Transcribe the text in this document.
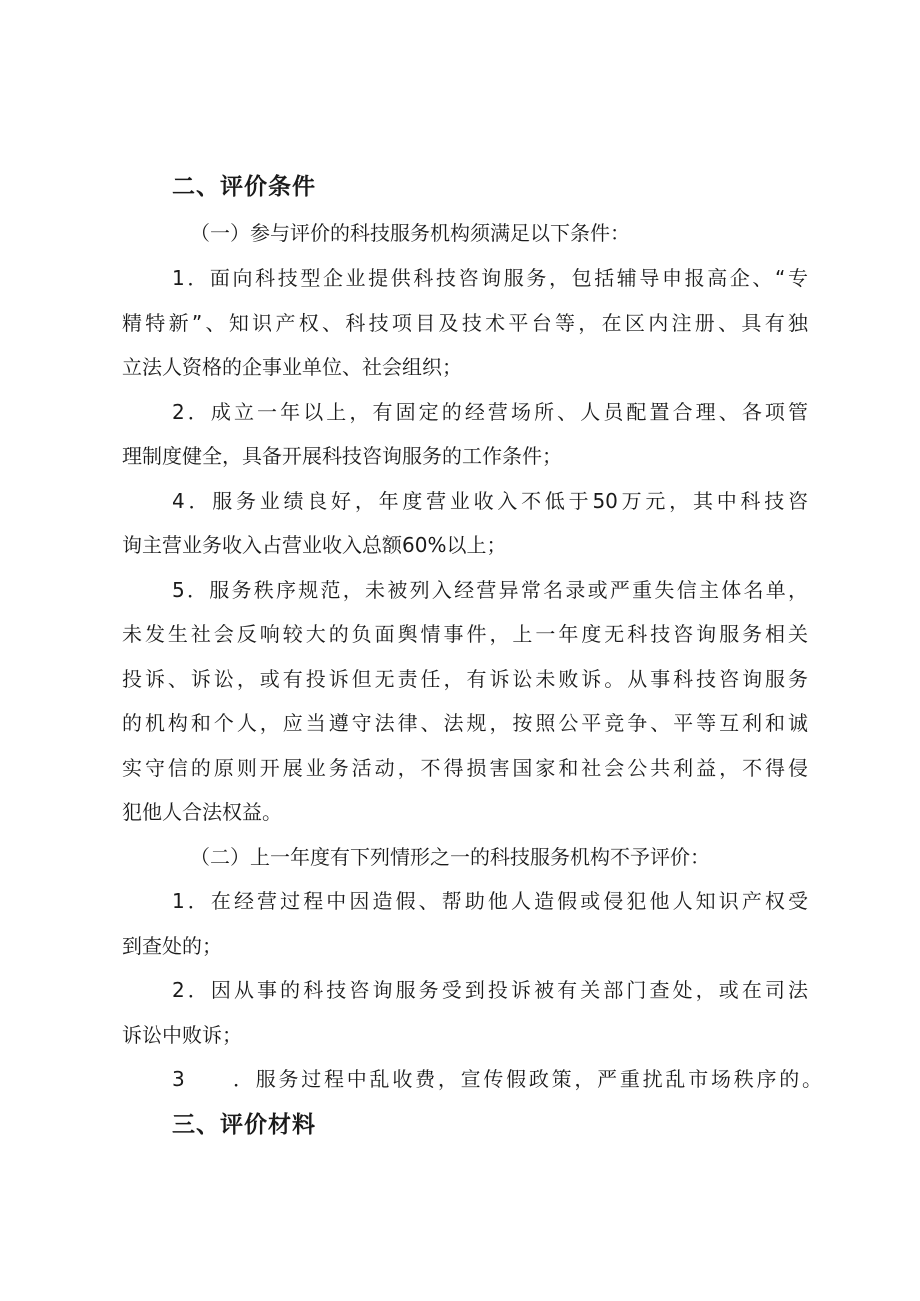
二、评价条件
（一）参与评价的科技服务机构须满足以下条件：
1．面向科技型企业提供科技咨询服务，包括辅导申报高企、“专
精特新”、知识产权、科技项目及技术平台等，在区内注册、具有独
立法人资格的企事业单位、社会组织；
2．成立一年以上，有固定的经营场所、人员配置合理、各项管
理制度健全，具备开展科技咨询服务的工作条件；
4．服务业绩良好，年度营业收入不低于50万元，其中科技咨
询主营业务收入占营业收入总额60%以上；
5．服务秩序规范，未被列入经营异常名录或严重失信主体名单，
未发生社会反响较大的负面舆情事件，上一年度无科技咨询服务相关
投诉、诉讼，或有投诉但无责任，有诉讼未败诉。从事科技咨询服务
的机构和个人，应当遵守法律、法规，按照公平竞争、平等互利和诚
实守信的原则开展业务活动，不得损害国家和社会公共利益，不得侵
犯他人合法权益。
（二）上一年度有下列情形之一的科技服务机构不予评价：
1．在经营过程中因造假、帮助他人造假或侵犯他人知识产权受
到查处的；
2．因从事的科技咨询服务受到投诉被有关部门查处，或在司法
诉讼中败诉；
3　　．服务过程中乱收费，宣传假政策，严重扰乱市场秩序的。
三、评价材料
